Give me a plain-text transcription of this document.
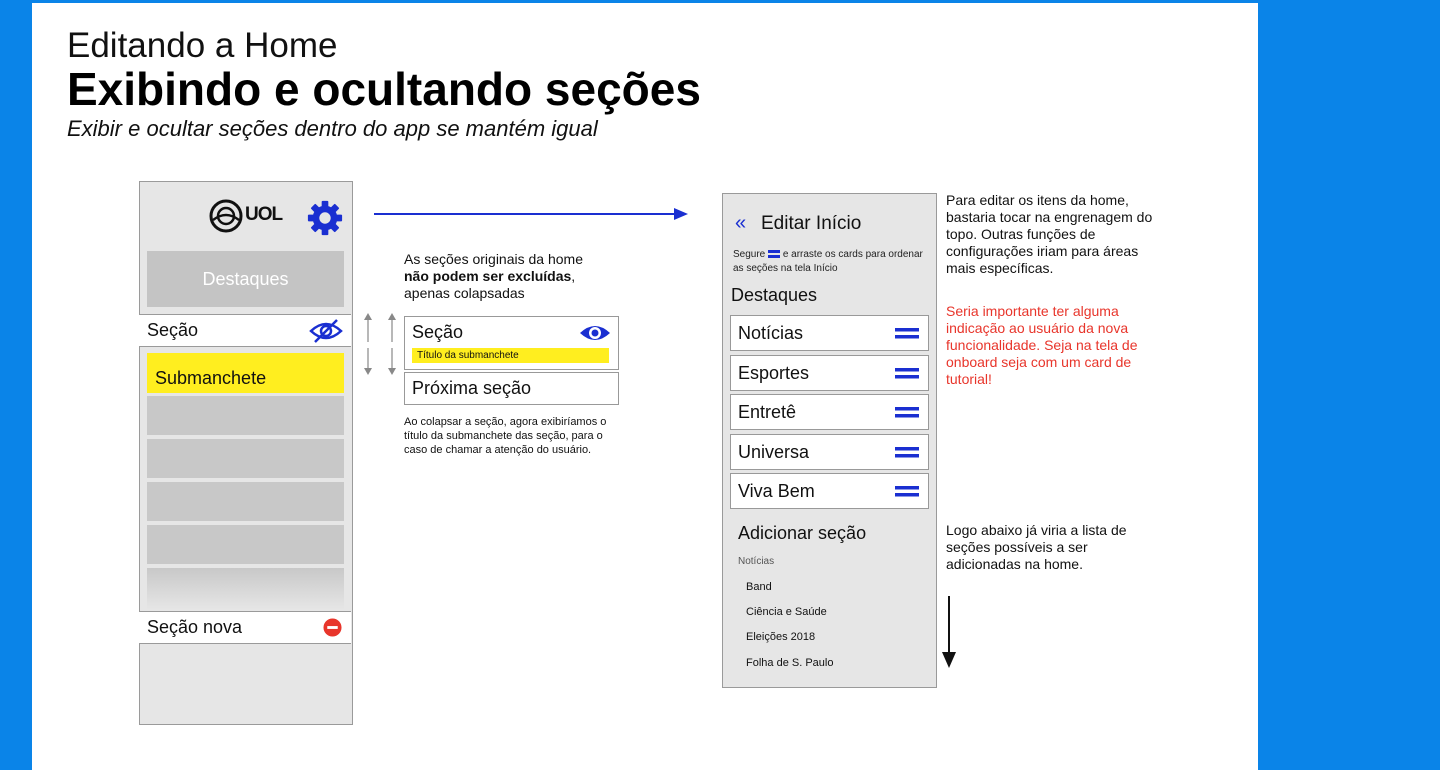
Editando a Home
Exibindo e ocultando seções
Exibir e ocultar seções dentro do app se mantém igual
UOL
Destaques
Seção
Submanchete
Seção nova
As seções originais da home
não podem ser excluídas,
apenas colapsadas
Seção
Título da submanchete
Próxima seção
Ao colapsar a seção, agora exibiríamos o título da submanchete das seção, para o caso de chamar a atenção do usuário.
« Editar Início
Segure e arraste os cards para ordenar as seções na tela Início
Destaques
Notícias
Esportes
Entretê
Universa
Viva Bem
Adicionar seção
Notícias
Band
Ciência e Saúde
Eleições 2018
Folha de S. Paulo
Para editar os itens da home, bastaria tocar na engrenagem do topo. Outras funções de configurações iriam para áreas mais específicas.
Seria importante ter alguma indicação ao usuário da nova funcionalidade. Seja na tela de onboard seja com um card de tutorial!
Logo abaixo já viria a lista de seções possíveis a ser adicionadas na home.
